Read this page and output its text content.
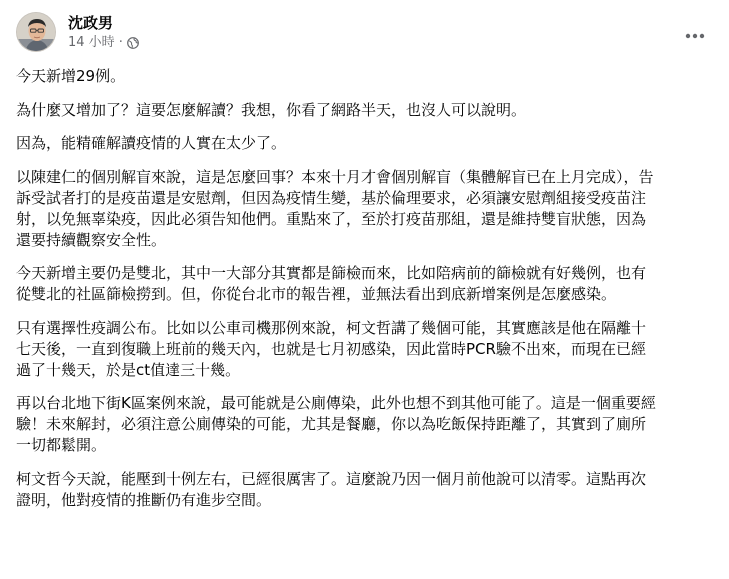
沈政男
14 小時 ·

今天新增29例。

為什麼又增加了？這要怎麼解讀？我想，你看了網路半天，也沒人可以說明。

因為，能精確解讀疫情的人實在太少了。

以陳建仁的個別解盲來說，這是怎麼回事？本來十月才會個別解盲（集體解盲已在上月完成），告訴受試者打的是疫苗還是安慰劑，但因為疫情生變，基於倫理要求，必須讓安慰劑組接受疫苗注射，以免無辜染疫，因此必須告知他們。重點來了，至於打疫苗那組，還是維持雙盲狀態，因為還要持續觀察安全性。

今天新增主要仍是雙北，其中一大部分其實都是篩檢而來，比如陪病前的篩檢就有好幾例，也有從雙北的社區篩檢撈到。但，你從台北市的報告裡，並無法看出到底新增案例是怎麼感染。

只有選擇性疫調公布。比如以公車司機那例來說，柯文哲講了幾個可能，其實應該是他在隔離十七天後，一直到復職上班前的幾天內，也就是七月初感染，因此當時PCR驗不出來，而現在已經過了十幾天，於是ct值達三十幾。

再以台北地下街K區案例來說，最可能就是公廁傳染，此外也想不到其他可能了。這是一個重要經驗！未來解封，必須注意公廁傳染的可能，尤其是餐廳，你以為吃飯保持距離了，其實到了廁所一切都鬆開。

柯文哲今天說，能壓到十例左右，已經很厲害了。這麼說乃因一個月前他說可以清零。這點再次證明，他對疫情的推斷仍有進步空間。
